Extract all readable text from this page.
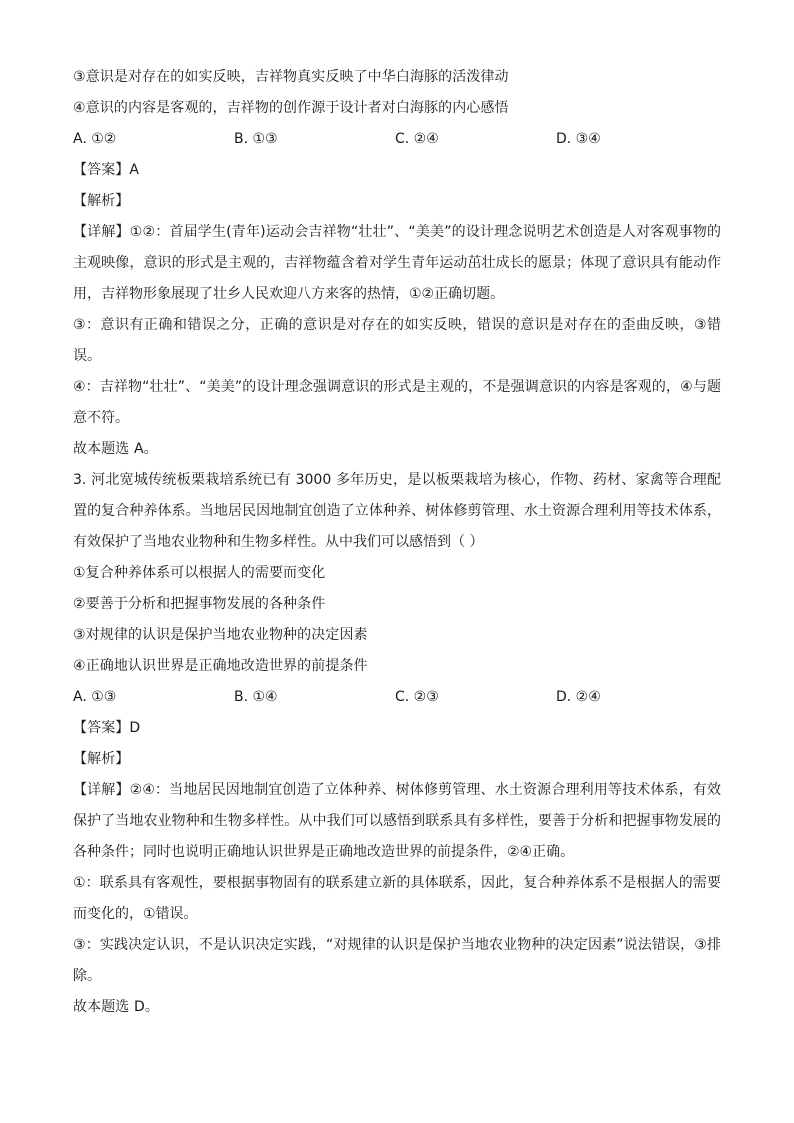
③意识是对存在的如实反映，吉祥物真实反映了中华白海豚的活泼律动
④意识的内容是客观的，吉祥物的创作源于设计者对白海豚的内心感悟
A. ①②	B. ①③	C. ②④	D. ③④
【答案】A
【解析】
【详解】①②：首届学生(青年)运动会吉祥物“壮壮”、“美美”的设计理念说明艺术创造是人对客观事物的主观映像，意识的形式是主观的，吉祥物蕴含着对学生青年运动茁壮成长的愿景；体现了意识具有能动作用，吉祥物形象展现了壮乡人民欢迎八方来客的热情，①②正确切题。
③：意识有正确和错误之分，正确的意识是对存在的如实反映，错误的意识是对存在的歪曲反映，③错误。
④：吉祥物“壮壮”、“美美”的设计理念强调意识的形式是主观的，不是强调意识的内容是客观的，④与题意不符。
故本题选 A。
3. 河北宽城传统板栗栽培系统已有 3000 多年历史，是以板栗栽培为核心，作物、药材、家禽等合理配置的复合种养体系。当地居民因地制宜创造了立体种养、树体修剪管理、水土资源合理利用等技术体系，有效保护了当地农业物种和生物多样性。从中我们可以感悟到（ ）
①复合种养体系可以根据人的需要而变化
②要善于分析和把握事物发展的各种条件
③对规律的认识是保护当地农业物种的决定因素
④正确地认识世界是正确地改造世界的前提条件
A. ①③	B. ①④	C. ②③	D. ②④
【答案】D
【解析】
【详解】②④：当地居民因地制宜创造了立体种养、树体修剪管理、水土资源合理利用等技术体系，有效保护了当地农业物种和生物多样性。从中我们可以感悟到联系具有多样性，要善于分析和把握事物发展的各种条件；同时也说明正确地认识世界是正确地改造世界的前提条件，②④正确。
①：联系具有客观性，要根据事物固有的联系建立新的具体联系，因此，复合种养体系不是根据人的需要而变化的，①错误。
③：实践决定认识，不是认识决定实践，“对规律的认识是保护当地农业物种的决定因素”说法错误，③排除。
故本题选 D。
